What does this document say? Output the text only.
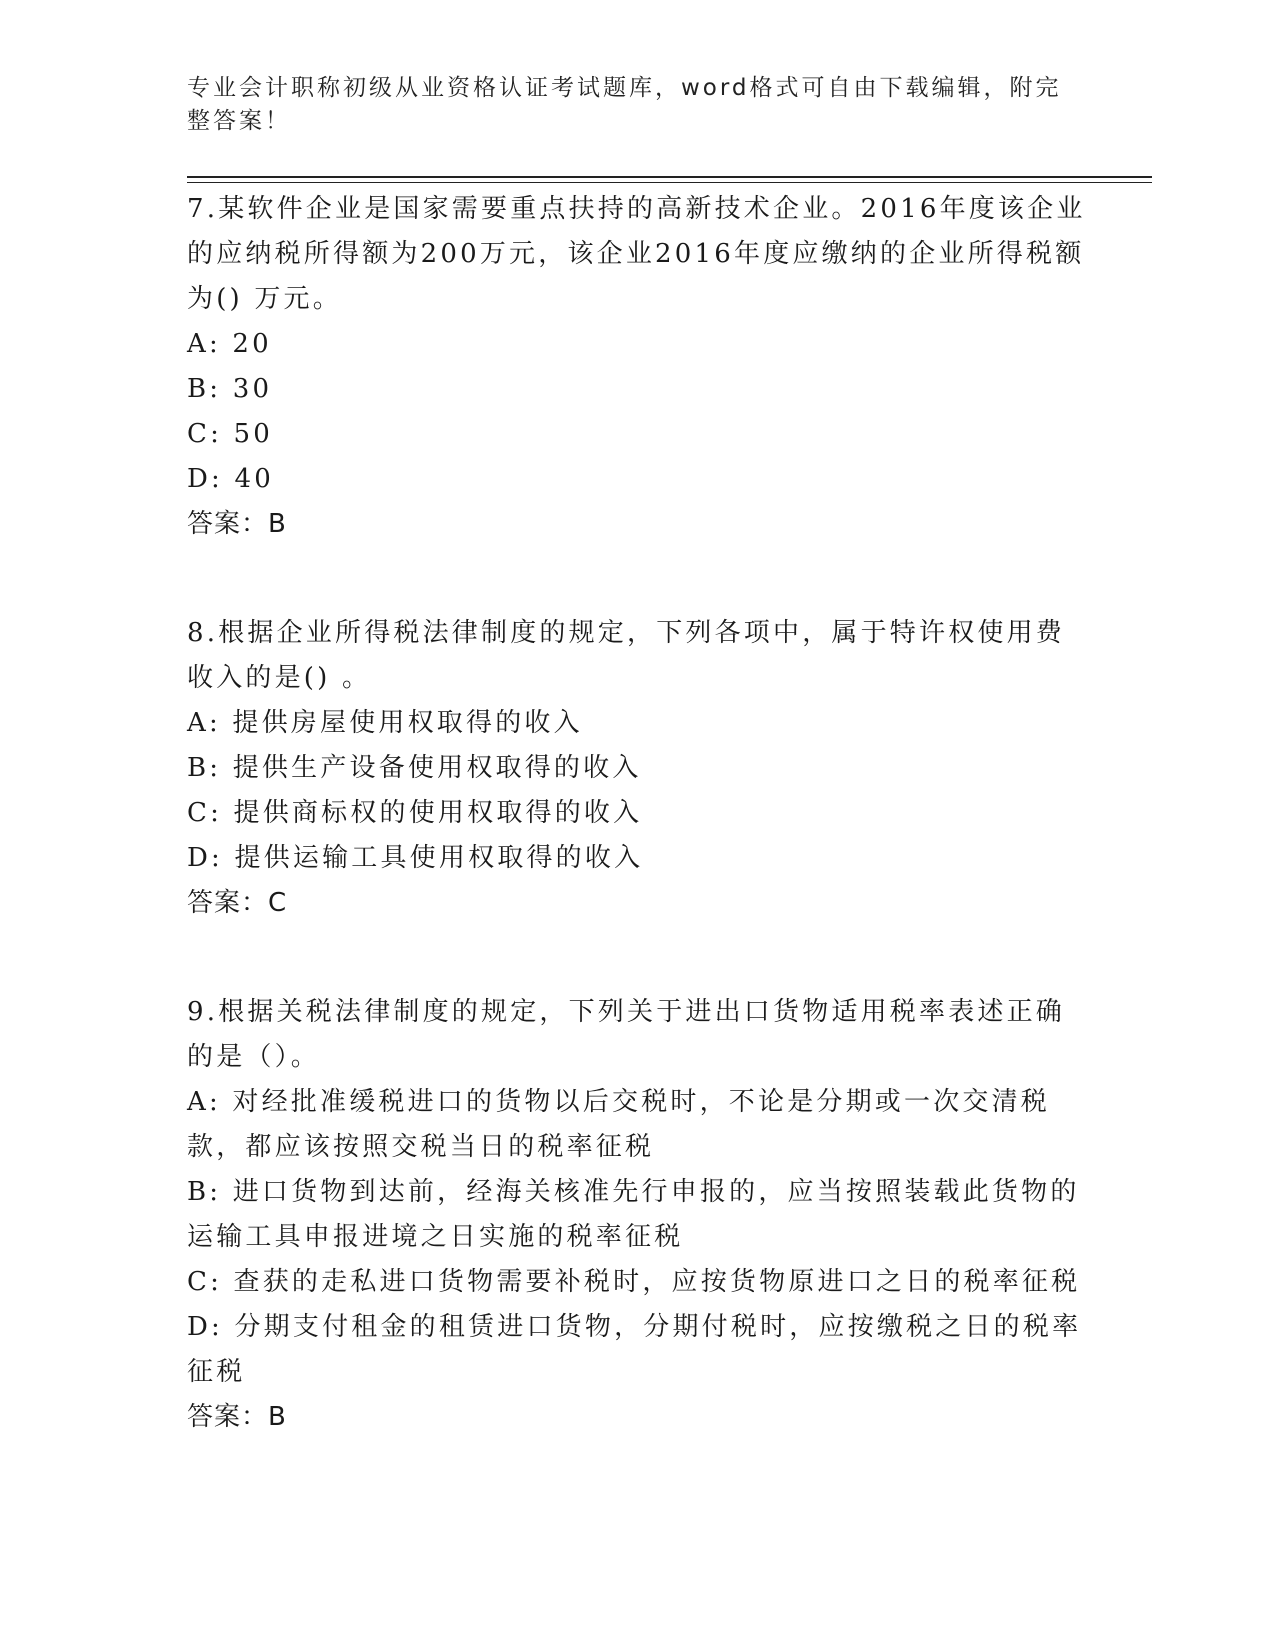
专业会计职称初级从业资格认证考试题库，word格式可自由下载编辑，附完整答案！

7.某软件企业是国家需要重点扶持的高新技术企业。2016年度该企业的应纳税所得额为200万元，该企业2016年度应缴纳的企业所得税额为() 万元。

A: 20

B: 30

C: 50

D: 40

答案：B

8.根据企业所得税法律制度的规定，下列各项中，属于特许权使用费收入的是() 。

A: 提供房屋使用权取得的收入

B: 提供生产设备使用权取得的收入

C: 提供商标权的使用权取得的收入

D: 提供运输工具使用权取得的收入

答案：C

9.根据关税法律制度的规定，下列关于进出口货物适用税率表述正确的是（）。

A: 对经批准缓税进口的货物以后交税时，不论是分期或一次交清税款，都应该按照交税当日的税率征税

B: 进口货物到达前，经海关核准先行申报的，应当按照装载此货物的运输工具申报进境之日实施的税率征税

C: 查获的走私进口货物需要补税时，应按货物原进口之日的税率征税

D: 分期支付租金的租赁进口货物，分期付税时，应按缴税之日的税率征税

答案：B
